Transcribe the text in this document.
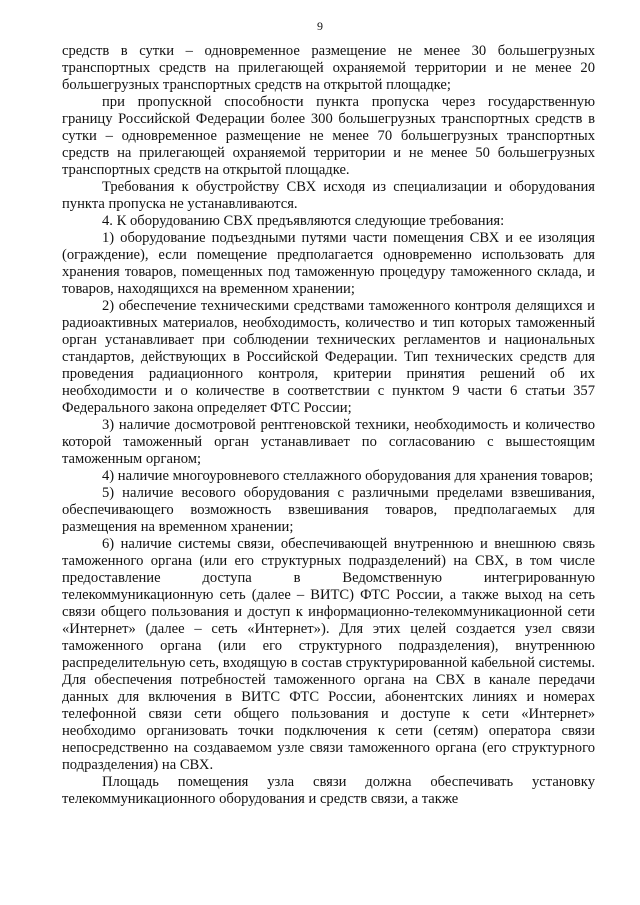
9

средств в сутки – одновременное размещение не менее 30 большегрузных транспортных средств на прилегающей охраняемой территории и не менее 20 большегрузных транспортных средств на открытой площадке;

при пропускной способности пункта пропуска через государственную границу Российской Федерации более 300 большегрузных транспортных средств в сутки – одновременное размещение не менее 70 большегрузных транспортных средств на прилегающей охраняемой территории и не менее 50 большегрузных транспортных средств на открытой площадке.

Требования к обустройству СВХ исходя из специализации и оборудования пункта пропуска не устанавливаются.

4. К оборудованию СВХ предъявляются следующие требования:

1) оборудование подъездными путями части помещения СВХ и ее изоляция (ограждение), если помещение предполагается одновременно использовать для хранения товаров, помещенных под таможенную процедуру таможенного склада, и товаров, находящихся на временном хранении;

2) обеспечение техническими средствами таможенного контроля делящихся и радиоактивных материалов, необходимость, количество и тип которых таможенный орган устанавливает при соблюдении технических регламентов и национальных стандартов, действующих в Российской Федерации. Тип технических средств для проведения радиационного контроля, критерии принятия решений об их необходимости и о количестве в соответствии с пунктом 9 части 6 статьи 357 Федерального закона определяет ФТС России;

3) наличие досмотровой рентгеновской техники, необходимость и количество которой таможенный орган устанавливает по согласованию с вышестоящим таможенным органом;

4) наличие многоуровневого стеллажного оборудования для хранения товаров;

5) наличие весового оборудования с различными пределами взвешивания, обеспечивающего возможность взвешивания товаров, предполагаемых для размещения на временном хранении;

6) наличие системы связи, обеспечивающей внутреннюю и внешнюю связь таможенного органа (или его структурных подразделений) на СВХ, в том числе предоставление доступа в Ведомственную интегрированную телекоммуникационную сеть (далее – ВИТС) ФТС России, а также выход на сеть связи общего пользования и доступ к информационно-телекоммуникационной сети «Интернет» (далее – сеть «Интернет»). Для этих целей создается узел связи таможенного органа (или его структурного подразделения), внутреннюю распределительную сеть, входящую в состав структурированной кабельной системы. Для обеспечения потребностей таможенного органа на СВХ в канале передачи данных для включения в ВИТС ФТС России, абонентских линиях и номерах телефонной связи сети общего пользования и доступе к сети «Интернет» необходимо организовать точки подключения к сети (сетям) оператора связи непосредственно на создаваемом узле связи таможенного органа (его структурного подразделения) на СВХ.

Площадь помещения узла связи должна обеспечивать установку телекоммуникационного оборудования и средств связи, а также
